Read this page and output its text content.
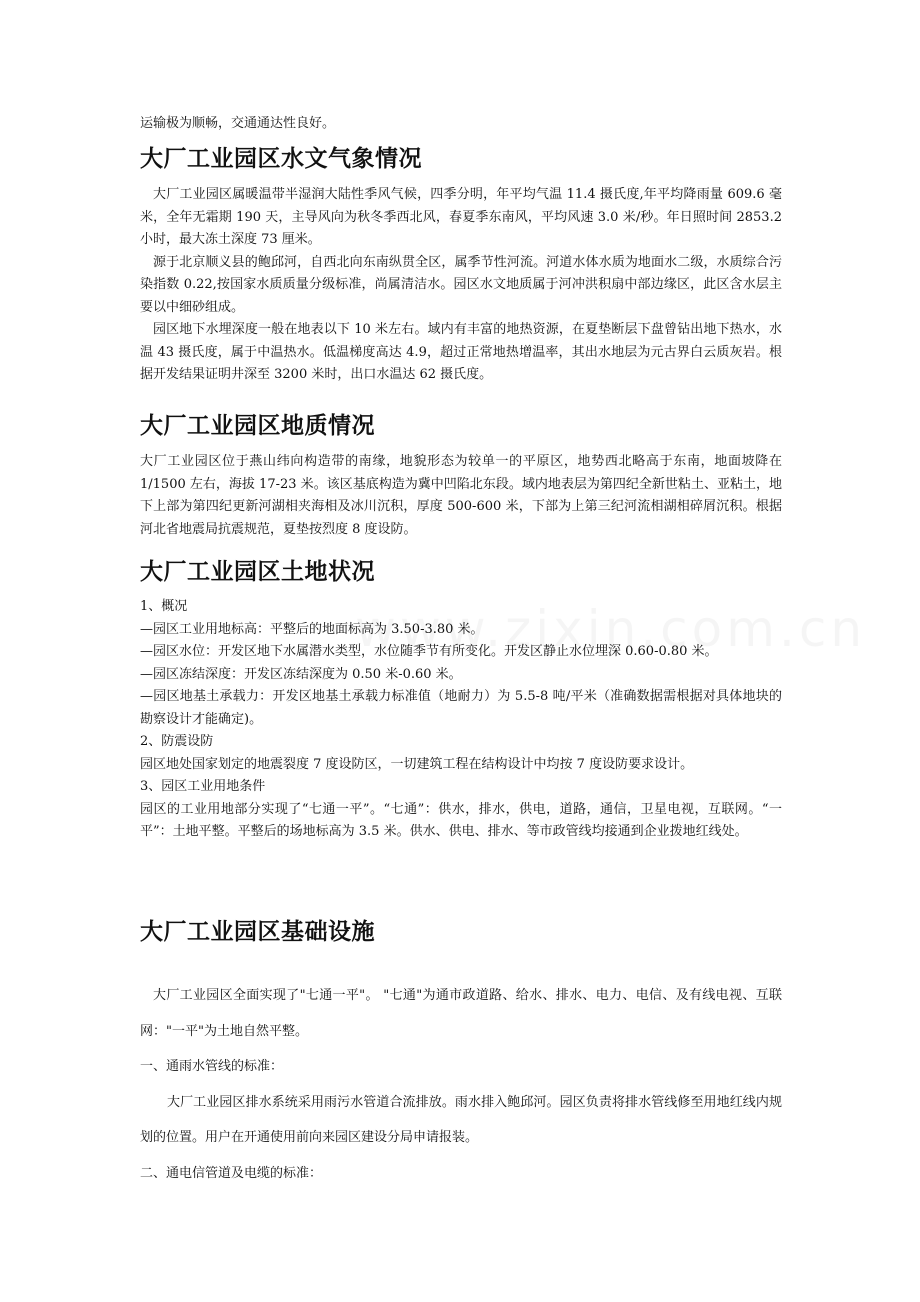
运输极为顺畅，交通通达性良好。

大厂工业园区水文气象情况

大厂工业园区属暖温带半湿润大陆性季风气候，四季分明，年平均气温 11.4 摄氏度,年平均降雨量 609.6 毫米，全年无霜期 190 天，主导风向为秋冬季西北风，春夏季东南风，平均风速 3.0 米/秒。年日照时间 2853.2 小时，最大冻土深度 73 厘米。

源于北京顺义县的鲍邱河，自西北向东南纵贯全区，属季节性河流。河道水体水质为地面水二级，水质综合污染指数 0.22,按国家水质质量分级标准，尚属清洁水。园区水文地质属于河冲洪积扇中部边缘区，此区含水层主要以中细砂组成。

园区地下水埋深度一般在地表以下 10 米左右。域内有丰富的地热资源，在夏垫断层下盘曾钻出地下热水，水温 43 摄氏度，属于中温热水。低温梯度高达 4.9，超过正常地热增温率，其出水地层为元古界白云质灰岩。根据开发结果证明井深至 3200 米时，出口水温达 62 摄氏度。

大厂工业园区地质情况

大厂工业园区位于燕山纬向构造带的南缘，地貌形态为较单一的平原区，地势西北略高于东南，地面坡降在 1/1500 左右，海拔 17-23 米。该区基底构造为冀中凹陷北东段。域内地表层为第四纪全新世粘土、亚粘土，地下上部为第四纪更新河湖相夹海相及冰川沉积，厚度 500-600 米，下部为上第三纪河流相湖相碎屑沉积。根据河北省地震局抗震规范，夏垫按烈度 8 度设防。

大厂工业园区土地状况

1、概况

—园区工业用地标高：平整后的地面标高为 3.50-3.80 米。

—园区水位：开发区地下水属潜水类型，水位随季节有所变化。开发区静止水位埋深 0.60-0.80 米。

—园区冻结深度：开发区冻结深度为 0.50 米-0.60 米。

—园区地基土承载力：开发区地基土承载力标准值（地耐力）为 5.5-8 吨/平米（准确数据需根据对具体地块的勘察设计才能确定)。

2、防震设防

园区地处国家划定的地震裂度 7 度设防区，一切建筑工程在结构设计中均按 7 度设防要求设计。

3、园区工业用地条件

园区的工业用地部分实现了“七通一平”。“七通”：供水，排水，供电，道路，通信，卫星电视，互联网。“一平”：土地平整。平整后的场地标高为 3.5 米。供水、供电、排水、等市政管线均接通到企业拨地红线处。

大厂工业园区基础设施

大厂工业园区全面实现了"七通一平"。 "七通"为通市政道路、给水、排水、电力、电信、及有线电视、互联网："一平"为土地自然平整。

一、通雨水管线的标准：

大厂工业园区排水系统采用雨污水管道合流排放。雨水排入鲍邱河。园区负责将排水管线修至用地红线内规划的位置。用户在开通使用前向来园区建设分局申请报装。

二、通电信管道及电缆的标准：
